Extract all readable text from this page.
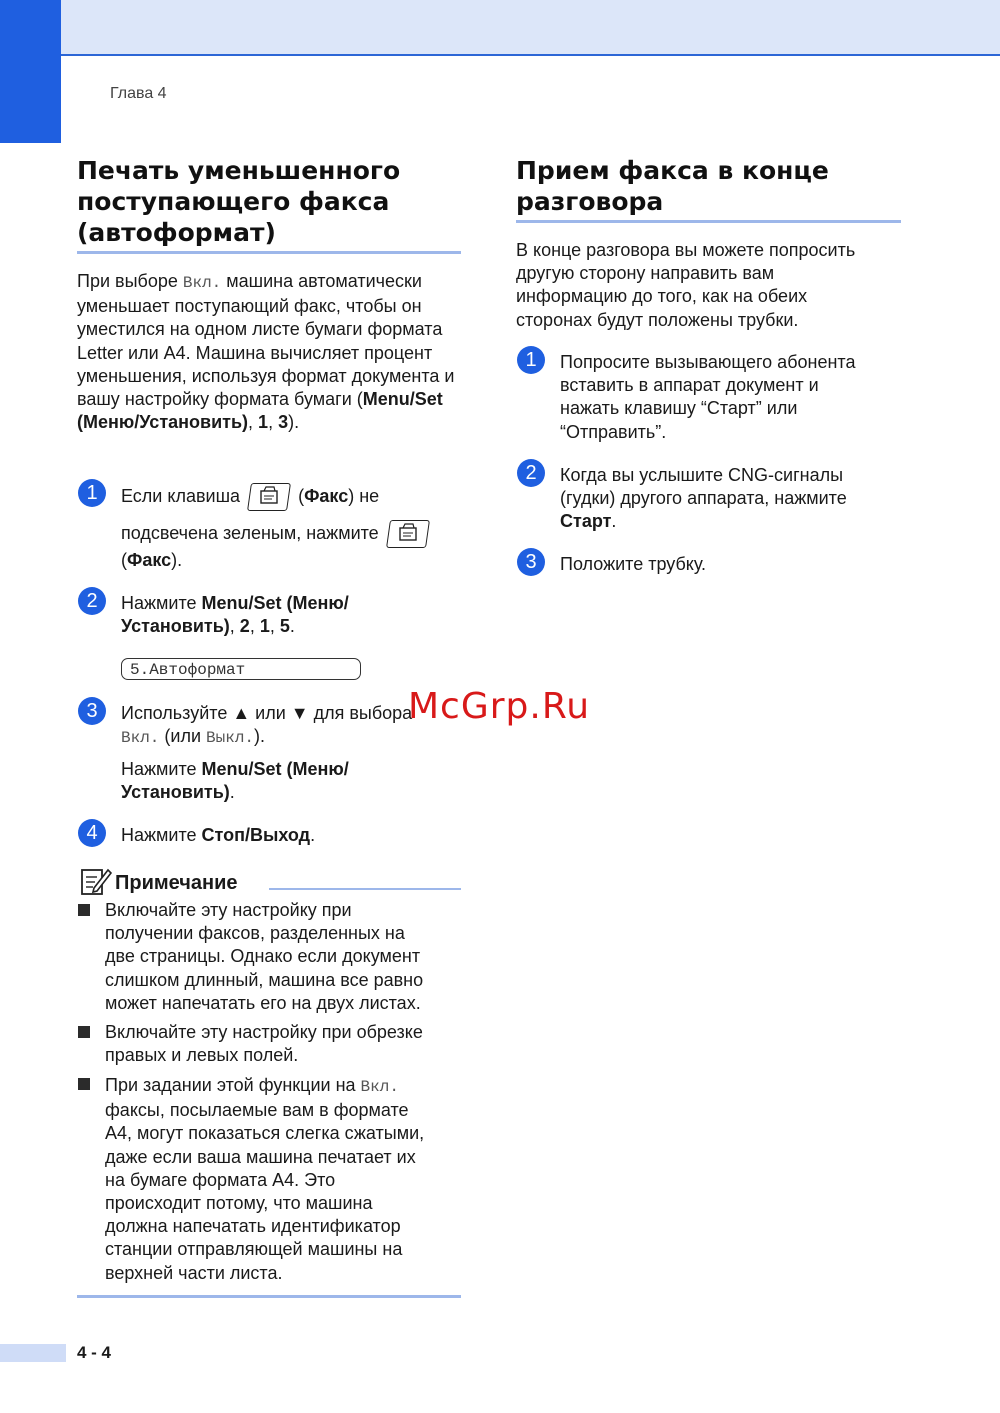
Глава 4
Печать уменьшенного
поступающего факса
(автоформат)

При выборе Вкл. машина автоматически уменьшает поступающий факс, чтобы он уместился на одном листе бумаги формата Letter или A4. Машина вычисляет процент уменьшения, используя формат документа и вашу настройку формата бумаги (Menu/Set (Меню/Установить), 1, 3).

1	Если клавиша	(Факс) не
подсвечена зеленым, нажмите
(Факс).
2	Нажмите Menu/Set (Меню/Установить), 2, 1, 5.
5.Автоформат
3	Используйте ▲ или ▼ для выбора
Вкл. (или Выкл.).
Нажмите Menu/Set (Меню/Установить).
4	Нажмите Стоп/Выход.
Примечание
Включайте эту настройку при
получении факсов, разделенных на
две страницы. Однако если документ
слишком длинный, машина все равно
может напечатать его на двух листах.
Включайте эту настройку при обрезке
правых и левых полей.
При задании этой функции на Вкл.
факсы, посылаемые вам в формате
A4, могут показаться слегка сжатыми,
даже если ваша машина печатает их
на бумаге формата A4. Это
происходит потому, что машина
должна напечатать идентификатор
станции отправляющей машины на
верхней части листа.
Прием факса в конце
разговора

В конце разговора вы можете попросить

другую сторону направить вам

информацию до того, как на обеих

сторонах будут положены трубки.

1	Попросите вызывающего абонента
вставить в аппарат документ и
нажать клавишу “Старт” или
“Отправить”.
2	Когда вы услышите CNG-сигналы
(гудки) другого аппарата, нажмите
Старт.
3	Положите трубку.
McGrp.Ru
4 - 4
